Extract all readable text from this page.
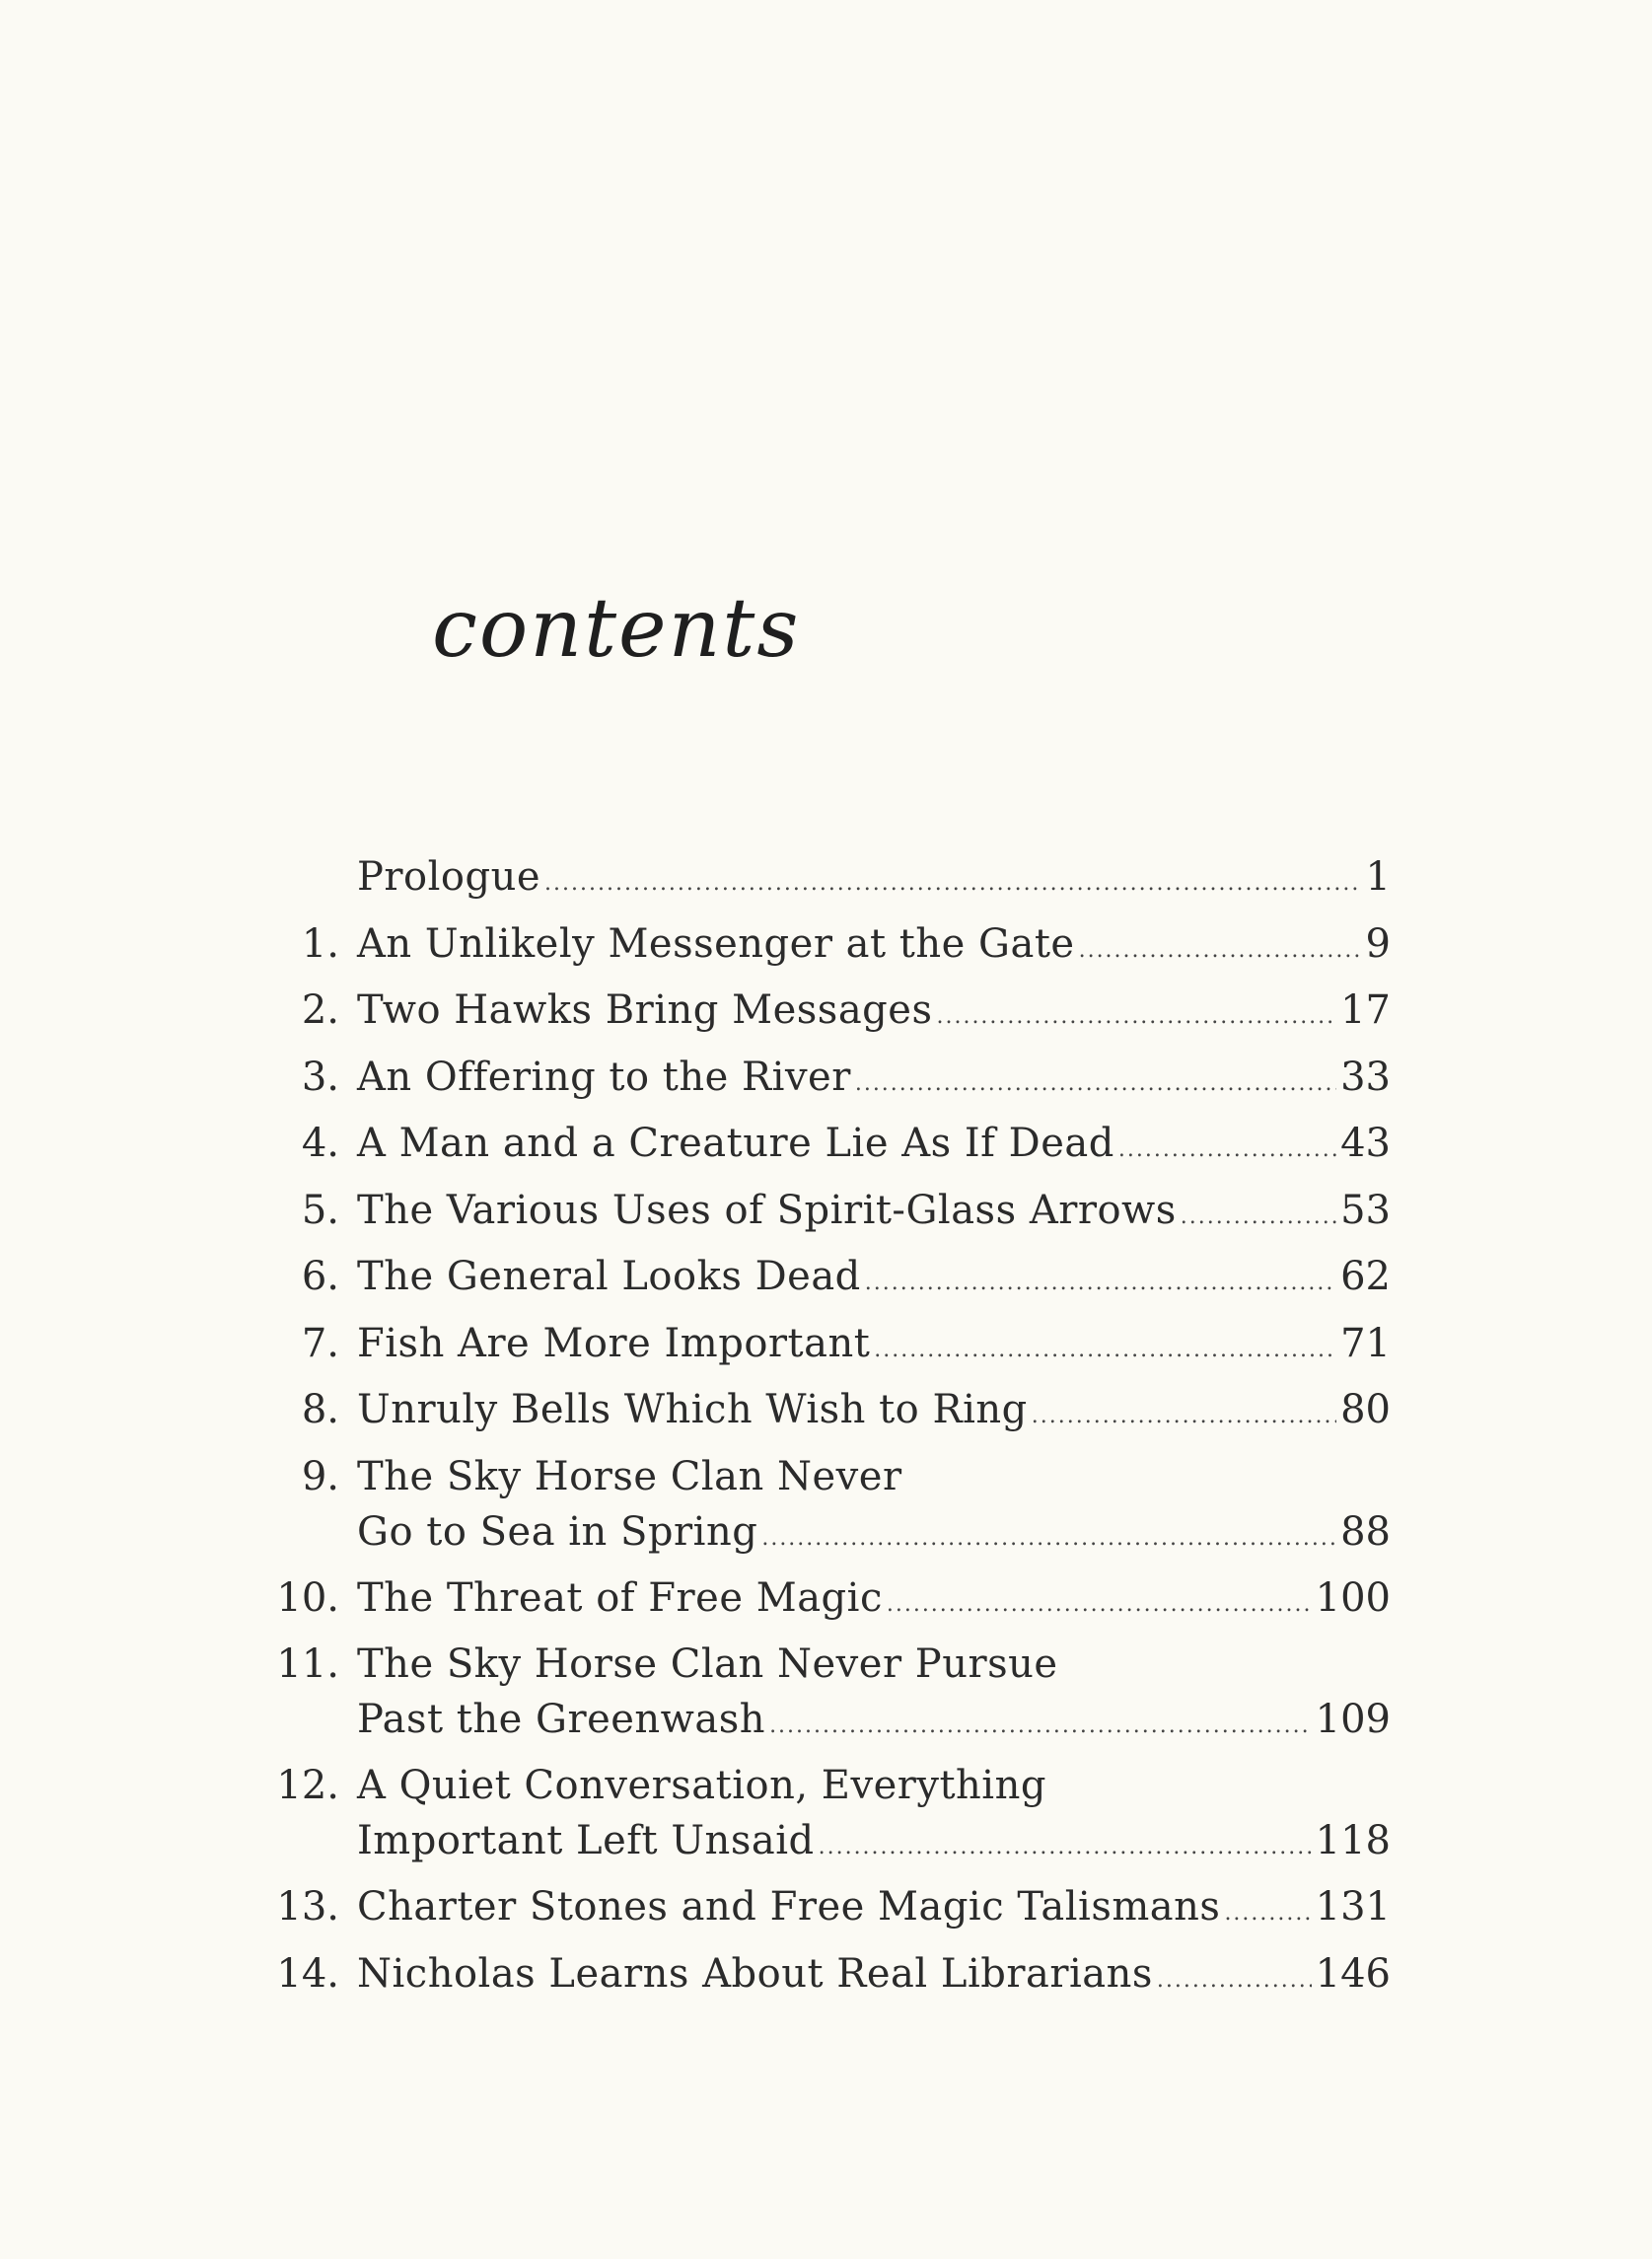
contents
Prologue .....	1
1. An Unlikely Messenger at the Gate .....	9
2. Two Hawks Bring Messages .....	17
3. An Offering to the River .....	33
4. A Man and a Creature Lie As If Dead .....	43
5. The Various Uses of Spirit-Glass Arrows .....	53
6. The General Looks Dead .....	62
7. Fish Are More Important .....	71
8. Unruly Bells Which Wish to Ring .....	80
9. The Sky Horse Clan Never
Go to Sea in Spring .....	88
10. The Threat of Free Magic .....	100
11. The Sky Horse Clan Never Pursue
Past the Greenwash .....	109
12. A Quiet Conversation, Everything
Important Left Unsaid .....	118
13. Charter Stones and Free Magic Talismans ..... 131
14. Nicholas Learns About Real Librarians .....	146
